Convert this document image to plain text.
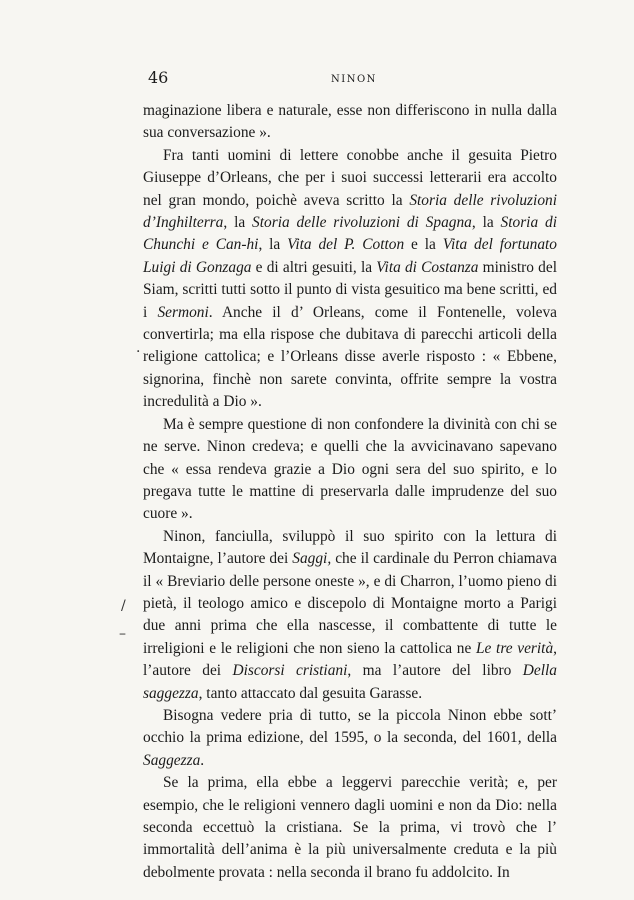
46	NINON

maginazione libera e naturale, esse non differiscono in nulla dalla sua conversazione ».

Fra tanti uomini di lettere conobbe anche il gesuita Pietro Giuseppe d’Orleans, che per i suoi successi letterarii era accolto nel gran mondo, poichè aveva scritto la Storia delle rivoluzioni d’Inghilterra, la Storia delle rivoluzioni di Spagna, la Storia di Chunchi e Can-hi, la Vita del P. Cotton e la Vita del fortunato Luigi di Gonzaga e di altri gesuiti, la Vita di Costanza ministro del Siam, scritti tutti sotto il punto di vista gesuitico ma bene scritti, ed i Sermoni. Anche il d’ Orleans, come il Fontenelle, voleva convertirla; ma ella rispose che dubitava di parecchi articoli della religione cattolica; e l’Orleans disse averle risposto : « Ebbene, signorina, finchè non sarete convinta, offrite sempre la vostra incredulità a Dio ».

Ma è sempre questione di non confondere la divinità con chi se ne serve. Ninon credeva; e quelli che la avvicinavano sapevano che « essa rendeva grazie a Dio ogni sera del suo spirito, e lo pregava tutte le mattine di preservarla dalle imprudenze del suo cuore ».

Ninon, fanciulla, sviluppò il suo spirito con la lettura di Montaigne, l’autore dei Saggi, che il cardinale du Perron chiamava il « Breviario delle persone oneste », e di Charron, l’uomo pieno di pietà, il teologo amico e discepolo di Montaigne morto a Parigi due anni prima che ella nascesse, il combattente di tutte le irreligioni e le religioni che non sieno la cattolica ne Le tre verità, l’autore dei Discorsi cristiani, ma l’autore del libro Della saggezza, tanto attaccato dal gesuita Garasse.

Bisogna vedere pria di tutto, se la piccola Ninon ebbe sott’ occhio la prima edizione, del 1595, o la seconda, del 1601, della Saggezza.

Se la prima, ella ebbe a leggervi parecchie verità; e, per esempio, che le religioni vennero dagli uomini e non da Dio: nella seconda eccettuò la cristiana. Se la prima, vi trovò che l’ immortalità dell’anima è la più universalmente creduta e la più debolmente provata : nella seconda il brano fu addolcito. In

·
/
–
